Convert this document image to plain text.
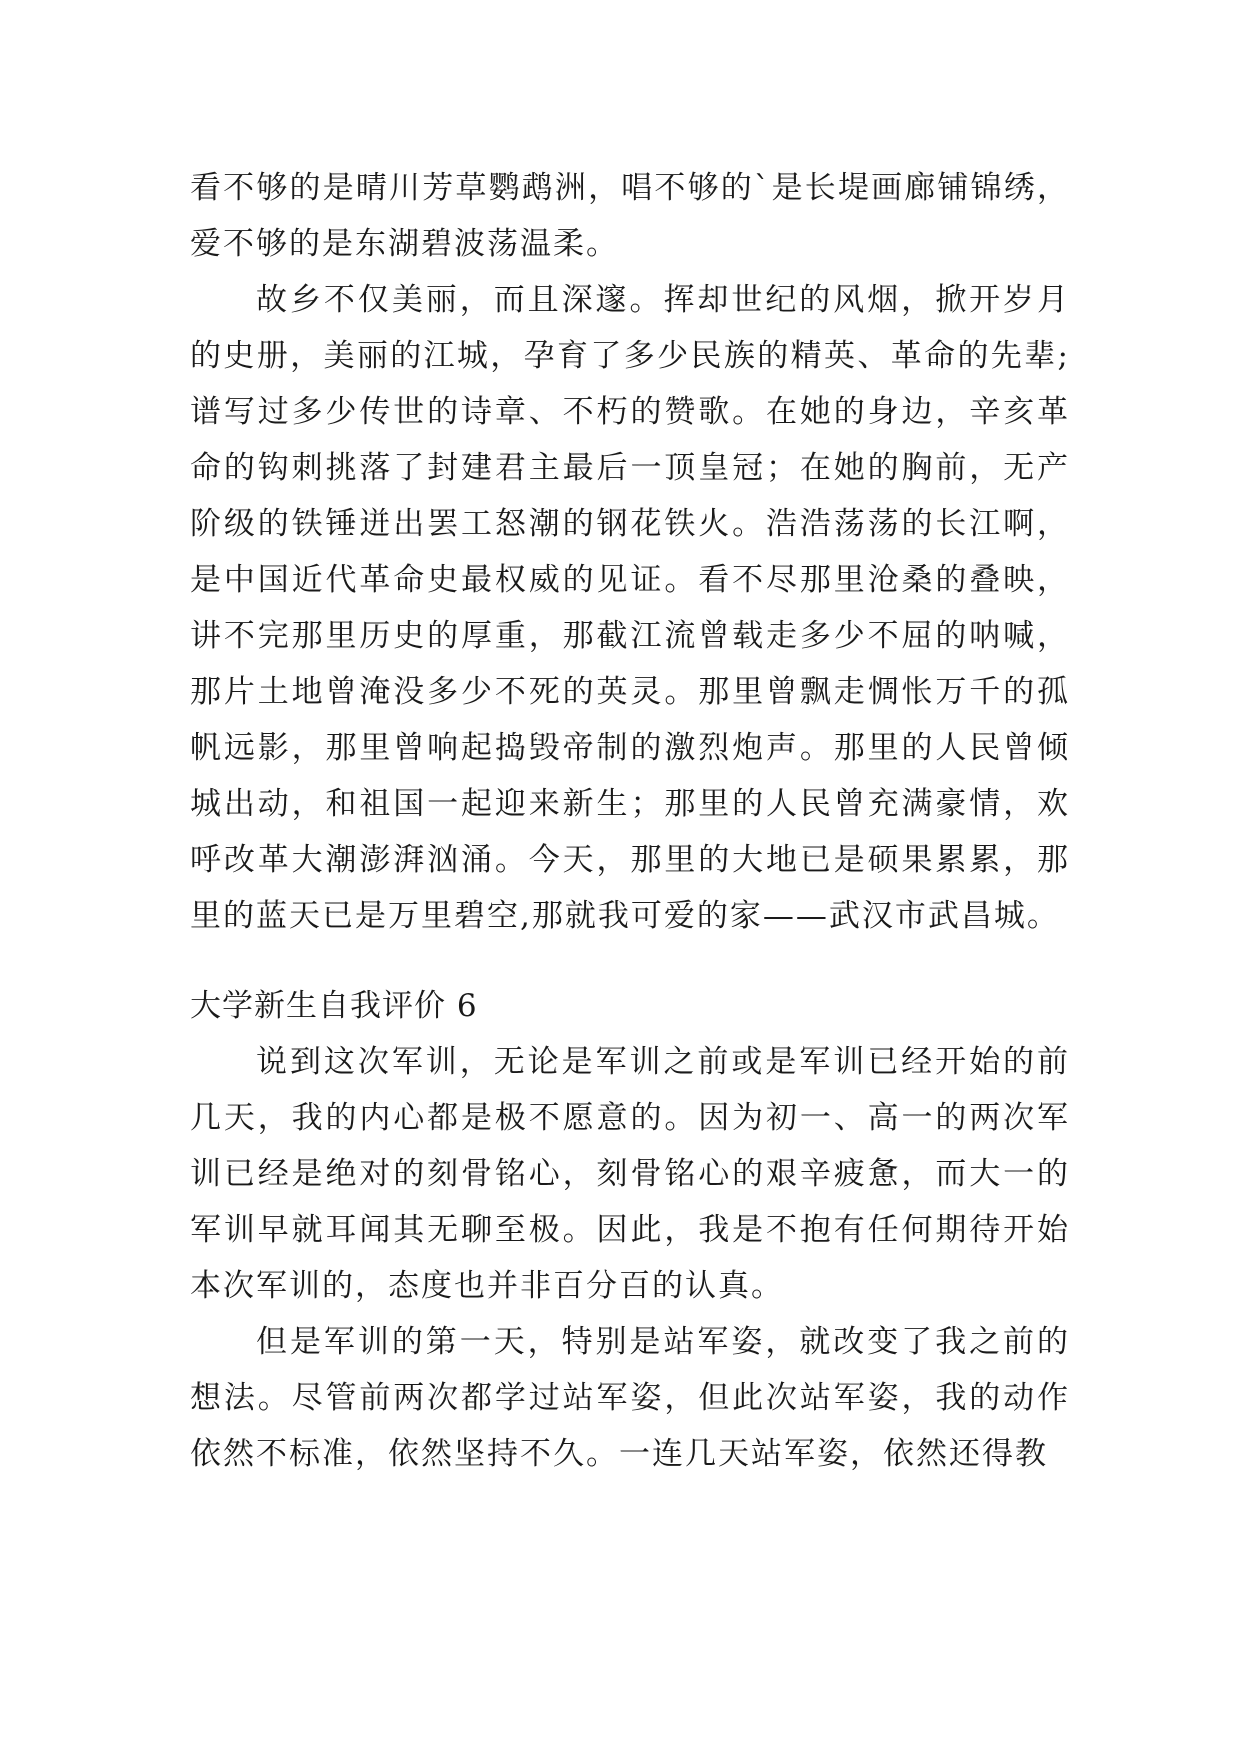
看不够的是晴川芳草鹦鹉洲，唱不够的`是长堤画廊铺锦绣，爱不够的是东湖碧波荡温柔。

故乡不仅美丽，而且深邃。挥却世纪的风烟，掀开岁月的史册，美丽的江城，孕育了多少民族的精英、革命的先辈;谱写过多少传世的诗章、不朽的赞歌。在她的身边，辛亥革命的钩刺挑落了封建君主最后一顶皇冠；在她的胸前，无产阶级的铁锤迸出罢工怒潮的钢花铁火。浩浩荡荡的长江啊，是中国近代革命史最权威的见证。看不尽那里沧桑的叠映，讲不完那里历史的厚重，那截江流曾载走多少不屈的呐喊，那片土地曾淹没多少不死的英灵。那里曾飘走惆怅万千的孤帆远影，那里曾响起捣毁帝制的激烈炮声。那里的人民曾倾城出动，和祖国一起迎来新生；那里的人民曾充满豪情，欢呼改革大潮澎湃汹涌。今天，那里的大地已是硕果累累，那里的蓝天已是万里碧空,那就我可爱的家——武汉市武昌城。

大学新生自我评价 6

说到这次军训，无论是军训之前或是军训已经开始的前几天，我的内心都是极不愿意的。因为初一、高一的两次军训已经是绝对的刻骨铭心，刻骨铭心的艰辛疲惫，而大一的军训早就耳闻其无聊至极。因此，我是不抱有任何期待开始本次军训的，态度也并非百分百的认真。

但是军训的第一天，特别是站军姿，就改变了我之前的想法。尽管前两次都学过站军姿，但此次站军姿，我的动作依然不标准，依然坚持不久。一连几天站军姿，依然还得教
